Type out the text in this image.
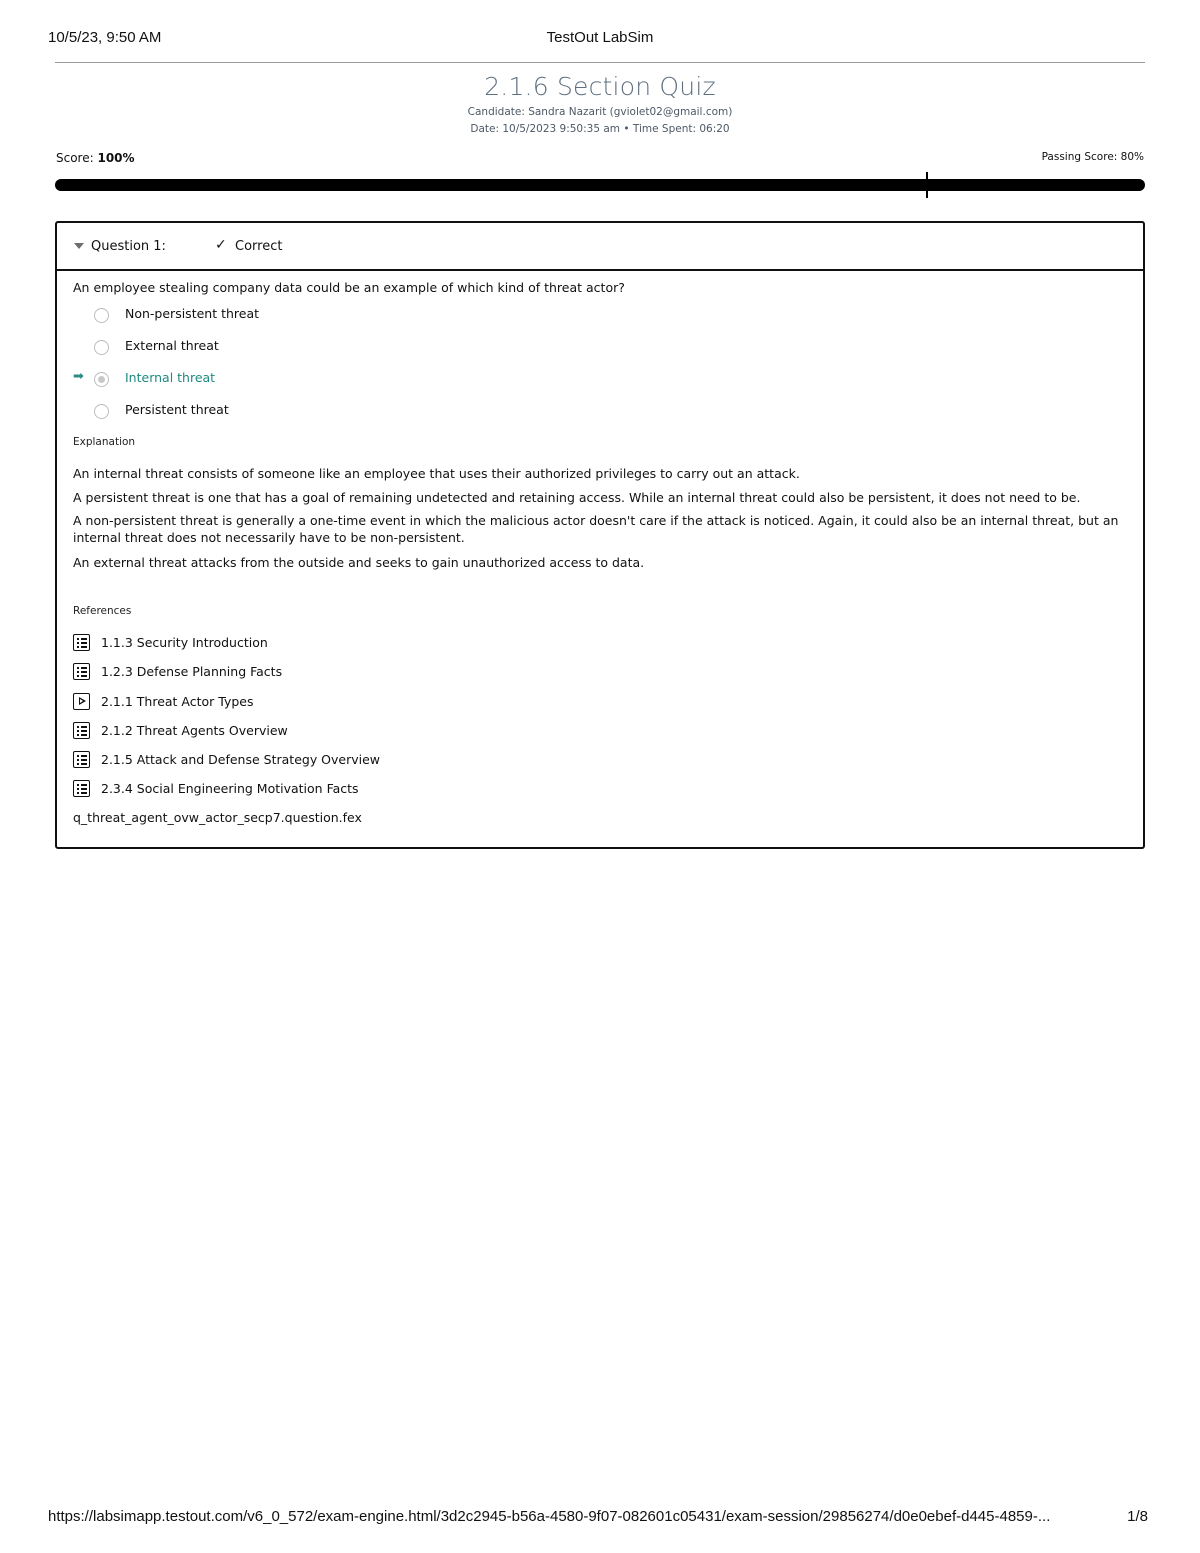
10/5/23, 9:50 AM	TestOut LabSim
2.1.6 Section Quiz
Candidate: Sandra Nazarit (gviolet02@gmail.com)
Date: 10/5/2023 9:50:35 am • Time Spent: 06:20
Score: 100%	Passing Score: 80%
Question 1:	✓ Correct
An employee stealing company data could be an example of which kind of threat actor?
Non-persistent threat
External threat
➡	Internal threat
Persistent threat
Explanation
An internal threat consists of someone like an employee that uses their authorized privileges to carry out an attack.
A persistent threat is one that has a goal of remaining undetected and retaining access. While an internal threat could also be persistent, it does not need to be.
A non-persistent threat is generally a one-time event in which the malicious actor doesn't care if the attack is noticed. Again, it could also be an internal threat, but an internal threat does not necessarily have to be non-persistent.
An external threat attacks from the outside and seeks to gain unauthorized access to data.
References
1.1.3 Security Introduction
1.2.3 Defense Planning Facts
2.1.1 Threat Actor Types
2.1.2 Threat Agents Overview
2.1.5 Attack and Defense Strategy Overview
2.3.4 Social Engineering Motivation Facts
q_threat_agent_ovw_actor_secp7.question.fex
https://labsimapp.testout.com/v6_0_572/exam-engine.html/3d2c2945-b56a-4580-9f07-082601c05431/exam-session/29856274/d0e0ebef-d445-4859-...	1/8
